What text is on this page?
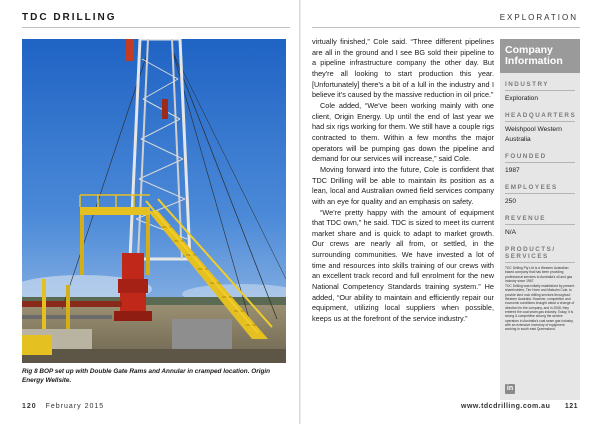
TDC DRILLING	EXPLORATION
Rig 8 BOP set up with Double Gate Rams and Annular in cramped location. Origin Energy Wellsite.

virtually finished,” Cole said. “Three different pipelines are all in the ground and I see BG sold their pipeline to a pipeline infrastructure company the other day. But they're all looking to start production this year. [Unfortunately] there's a bit of a lull in the industry and I believe it's caused by the massive reduction in oil price.”

Cole added, “We've been working mainly with one client, Origin Energy. Up until the end of last year we had six rigs working for them. We still have a couple rigs contracted to them. Within a few months the major operators will be pumping gas down the pipeline and demand for our services will increase,” said Cole.

Moving forward into the future, Cole is confident that TDC Drilling will be able to maintain its position as a lean, local and Australian owned field services company with an eye for quality and an emphasis on safety.

“We're pretty happy with the amount of equipment that TDC own,” he said. TDC is sized to meet its current market share and is quick to adapt to market growth. Our crews are nearly all from, or settled, in the surrounding communities. We have invested a lot of time and resources into skills training of our crews with an excellent track record and full enrolment for the new National Competency Standards training system.” He added, “Our ability to maintain and efficiently repair our equipment, utilizing local suppliers when possible, keeps us at the forefront of the service industry.”

Company
Information
INDUSTRY
Exploration
HEADQUARTERS
Welshpool Western Australia
FOUNDED
1987
EMPLOYEES
250
REVENUE
N/A
PRODUCTS/ SERVICES

TDC Drilling Pty Ltd is a Western Australian based company that has been providing professional services to Australia's oil and gas industry since 1987.

TDC Drilling was initially established by present shareholders, Tim Hone and Malcolm Cole, to provide land rock drilling services throughout Western Australia. However, competition and economic conditions brought about a change of direction for the company, and in 2008, they entered the coal seam gas industry. Today, it is strong & competitive among the service operators in Australia's coal seam gas industry, with an extensive inventory of equipment working in south east Queensland.

in
120 February 2015	www.tdcdrilling.com.au 121
